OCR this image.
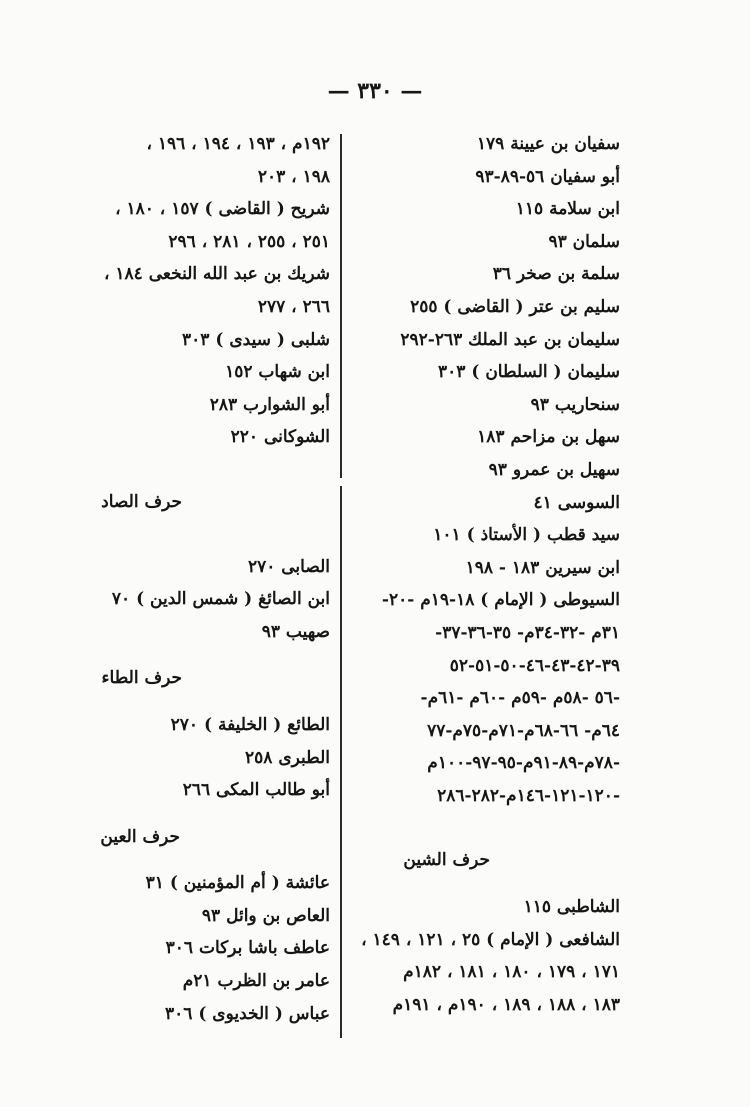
— ٣٣٠ —
سفيان بن عيينة ١٧٩
أبو سفيان ٥٦-٨٩-٩٣
ابن سلامة ١١٥
سلمان ٩٣
سلمة بن صخر ٣٦
سليم بن عتر ( القاضى ) ٢٥٥
سليمان بن عبد الملك ٢٦٣-٢٩٢
سليمان ( السلطان ) ٣٠٣
سنحاريب ٩٣
سهل بن مزاحم ١٨٣
سهيل بن عمرو ٩٣
السوسى ٤١
سيد قطب ( الأستاذ ) ١٠١
ابن سيرين ١٨٣ - ١٩٨
السيوطى ( الإمام ) ١٨-١٩م -٢٠-
٣١م -٣٢-٣٤م- ٣٥-٣٦-٣٧-
٣٩-٤٢-٤٣-٤٦-٥٠-٥١-٥٢
-٥٦ -٥٨م -٥٩م -٦٠م -٦١م-
٦٤م- ٦٦-٦٨م-٧١م-٧٥م-٧٧
-٧٨م-٨٩-٩١م-٩٥-٩٧-١٠٠م
-١٢٠-١٢١-١٤٦م-٢٨٢-٢٨٦
حرف الشين
الشاطبى ١١٥
الشافعى ( الإمام ) ٢٥ ، ١٢١ ، ١٤٩ ،
١٧١ ، ١٧٩ ، ١٨٠ ، ١٨١ ، ١٨٢م
١٨٣ ، ١٨٨ ، ١٨٩ ، ١٩٠م ، ١٩١م
١٩٢م ، ١٩٣ ، ١٩٤ ، ١٩٦ ،
١٩٨ ، ٢٠٣
شريح ( القاضى ) ١٥٧ ، ١٨٠ ،
٢٥١ ، ٢٥٥ ، ٢٨١ ، ٢٩٦
شريك بن عبد الله النخعى ١٨٤ ،
٢٦٦ ، ٢٧٧
شلبى ( سيدى ) ٣٠٣
ابن شهاب ١٥٢
أبو الشوارب ٢٨٣
الشوكانى ٢٢٠
حرف الصاد
الصابى ٢٧٠
ابن الصائغ ( شمس الدين ) ٧٠
صهيب ٩٣
حرف الطاء
الطائع ( الخليفة ) ٢٧٠
الطبرى ٢٥٨
أبو طالب المكى ٢٦٦
حرف العين
عائشة ( أم المؤمنين ) ٣١
العاص بن وائل ٩٣
عاطف باشا بركات ٣٠٦
عامر بن الظرب ٢١م
عباس ( الخديوى ) ٣٠٦
